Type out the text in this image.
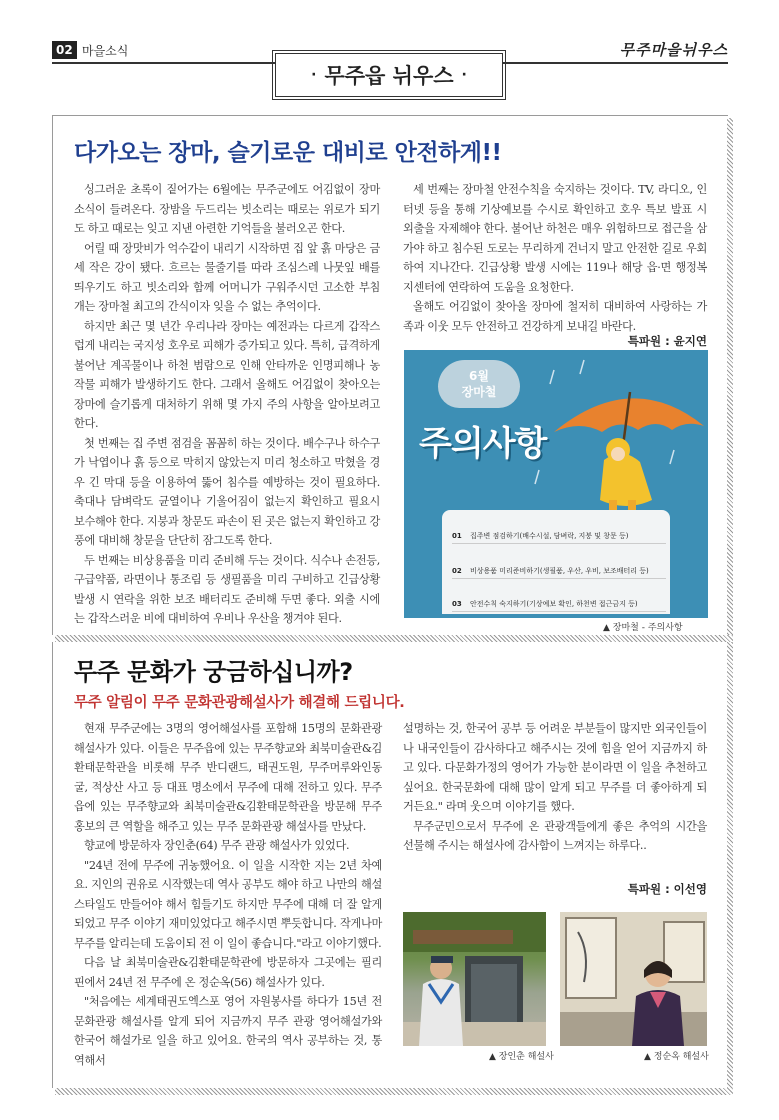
02 마을소식	무주마을뉘우스
· 무주읍 뉘우스 ·
다가오는 장마, 슬기로운 대비로 안전하게!!

싱그러운 초록이 짙어가는 6월에는 무주군에도 어김없이 장마 소식이 들려온다. 장밤을 두드리는 빗소리는 때로는 위로가 되기도 하고 때로는 잊고 지낸 아련한 기억들을 불러오곤 한다.

어릴 때 장맛비가 억수같이 내리기 시작하면 집 앞 흙 마당은 금세 작은 강이 됐다. 흐르는 물줄기를 따라 조심스레 나뭇잎 배를 띄우기도 하고 빗소리와 함께 어머니가 구워주시던 고소한 부침개는 장마철 최고의 간식이자 잊을 수 없는 추억이다.

하지만 최근 몇 년간 우리나라 장마는 예전과는 다르게 갑작스럽게 내리는 국지성 호우로 피해가 증가되고 있다. 특히, 급격하게 불어난 계곡물이나 하천 범람으로 인해 안타까운 인명피해나 농작물 피해가 발생하기도 한다. 그래서 올해도 어김없이 찾아오는 장마에 슬기롭게 대처하기 위해 몇 가지 주의 사항을 알아보려고 한다.

첫 번째는 집 주변 점검을 꼼꼼히 하는 것이다. 배수구나 하수구가 낙엽이나 흙 등으로 막히지 않았는지 미리 청소하고 막혔을 경우 긴 막대 등을 이용하여 뚫어 침수를 예방하는 것이 필요하다. 축대나 담벼락도 균열이나 기울어짐이 없는지 확인하고 필요시 보수해야 한다. 지붕과 창문도 파손이 된 곳은 없는지 확인하고 강풍에 대비해 창문을 단단히 잠그도록 한다.

두 번째는 비상용품을 미리 준비해 두는 것이다. 식수나 손전등, 구급약품, 라면이나 통조림 등 생필품을 미리 구비하고 긴급상황 발생 시 연락을 위한 보조 배터리도 준비해 두면 좋다. 외출 시에는 갑작스러운 비에 대비하여 우비나 우산을 챙겨야 된다.

세 번째는 장마철 안전수칙을 숙지하는 것이다. TV, 라디오, 인터넷 등을 통해 기상예보를 수시로 확인하고 호우 특보 발표 시 외출을 자제해야 한다. 불어난 하천은 매우 위험하므로 접근을 삼가야 하고 침수된 도로는 무리하게 건너지 말고 안전한 길로 우회하여 지나간다. 긴급상황 발생 시에는 119나 해당 읍·면 행정복지센터에 연락하여 도움을 요청한다.

올해도 어김없이 찾아올 장마에 철저히 대비하여 사랑하는 가족과 이웃 모두 안전하고 건강하게 보내길 바란다.

특파원 : 윤지연
6월
장마철
주의사항
01 집주변 점검하기(배수시설, 담벼락, 지붕 및 창문 등)
02 비상용품 미리준비하기(생필품, 우산, 우비, 보조배터리 등)
03 안전수칙 숙지하기(기상예보 확인, 하천변 접근금지 등)
▲ 장마철 - 주의사항
무주 문화가 궁금하십니까?
무주 알림이 무주 문화관광해설사가 해결해 드립니다.

현재 무주군에는 3명의 영어해설사를 포함해 15명의 문화관광 해설사가 있다. 이들은 무주읍에 있는 무주향교와 최북미술관&김환태문학관을 비롯해 무주 반디랜드, 태권도원, 무주머루와인동굴, 적상산 사고 등 대표 명소에서 무주에 대해 전하고 있다. 무주읍에 있는 무주향교와 최북미술관&김환태문학관을 방문해 무주 홍보의 큰 역할을 해주고 있는 무주 문화관광 해설사를 만났다.

향교에 방문하자 장인춘(64) 무주 관광 해설사가 있었다.

"24년 전에 무주에 귀농했어요. 이 일을 시작한 지는 2년 차예요. 지인의 권유로 시작했는데 역사 공부도 해야 하고 나만의 해설 스타일도 만들어야 해서 힘들기도 하지만 무주에 대해 더 잘 알게 되었고 무주 이야기 재미있었다고 해주시면 뿌듯합니다. 작게나마 무주를 알리는데 도움이되 전 이 일이 좋습니다."라고 이야기했다.

다음 날 최북미술관&김환태문학관에 방문하자 그곳에는 필리핀에서 24년 전 무주에 온 정순옥(56) 해설사가 있다.

"처음에는 세계태권도엑스포 영어 자원봉사를 하다가 15년 전 문화관광 해설사를 알게 되어 지금까지 무주 관광 영어해설가와 한국어 해설가로 일을 하고 있어요. 한국의 역사 공부하는 것, 통역해서

설명하는 것, 한국어 공부 등 어려운 부분들이 많지만 외국인들이나 내국인들이 감사하다고 해주시는 것에 힘을 얻어 지금까지 하고 있다. 다문화가정의 영어가 가능한 분이라면 이 일을 추천하고 싶어요. 한국문화에 대해 많이 알게 되고 무주를 더 좋아하게 되거든요." 라며 웃으며 이야기를 했다.

무주군민으로서 무주에 온 관광객들에게 좋은 추억의 시간을 선물해 주시는 해설사에 감사함이 느껴지는 하루다..

특파원 : 이선영
▲ 장인춘 해설사	▲ 정순옥 해설사
